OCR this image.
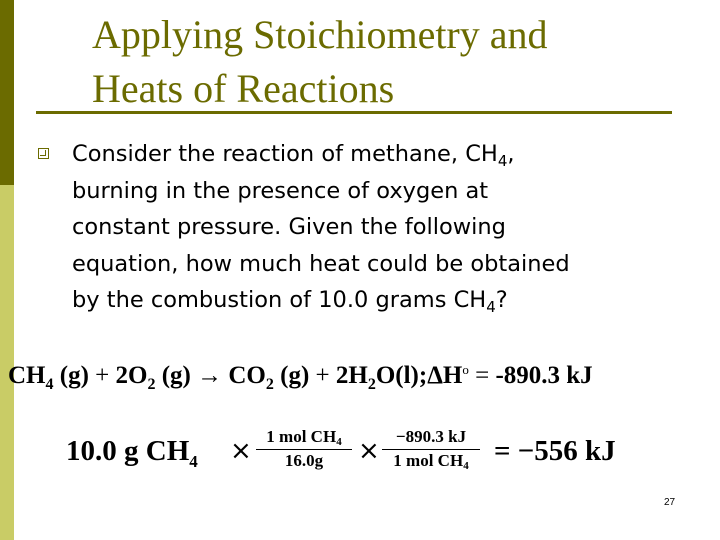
Applying Stoichiometry and
Heats of Reactions
Consider the reaction of methane, $CH_4$,
burning in the presence of oxygen at
constant pressure. Given the following
equation, how much heat could be obtained
by the combustion of 10.0 grams $CH_4$?
$CH_4$ $(g) + 2O_2$ $(g) \to CO_2$ $(g) + 2H_2O(l);\Delta H^o = -890.3$ kJ
10.0 g $CH_4 \times 1$ mol $CH_4$
16.0g	× −890.3 kJ
1 mol $CH_4 = -556$ kJ
27
